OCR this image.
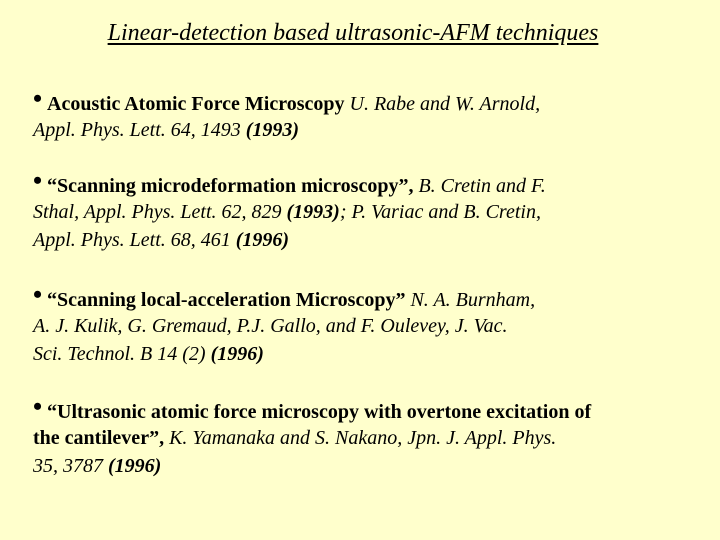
Linear-detection based ultrasonic-AFM techniques
• Acoustic Atomic Force Microscopy U. Rabe and W. Arnold,
Appl. Phys. Lett. 64, 1493 (1993)
• “Scanning microdeformation microscopy”, B. Cretin and F.
Sthal, Appl. Phys. Lett. 62, 829 (1993); P. Variac and B. Cretin,
Appl. Phys. Lett. 68, 461 (1996)
• “Scanning local-acceleration Microscopy” N. A. Burnham,
A. J. Kulik, G. Gremaud, P.J. Gallo, and F. Oulevey, J. Vac.
Sci. Technol. B 14 (2) (1996)
• “Ultrasonic atomic force microscopy with overtone excitation of
the cantilever”, K. Yamanaka and S. Nakano, Jpn. J. Appl. Phys.
35, 3787 (1996)
